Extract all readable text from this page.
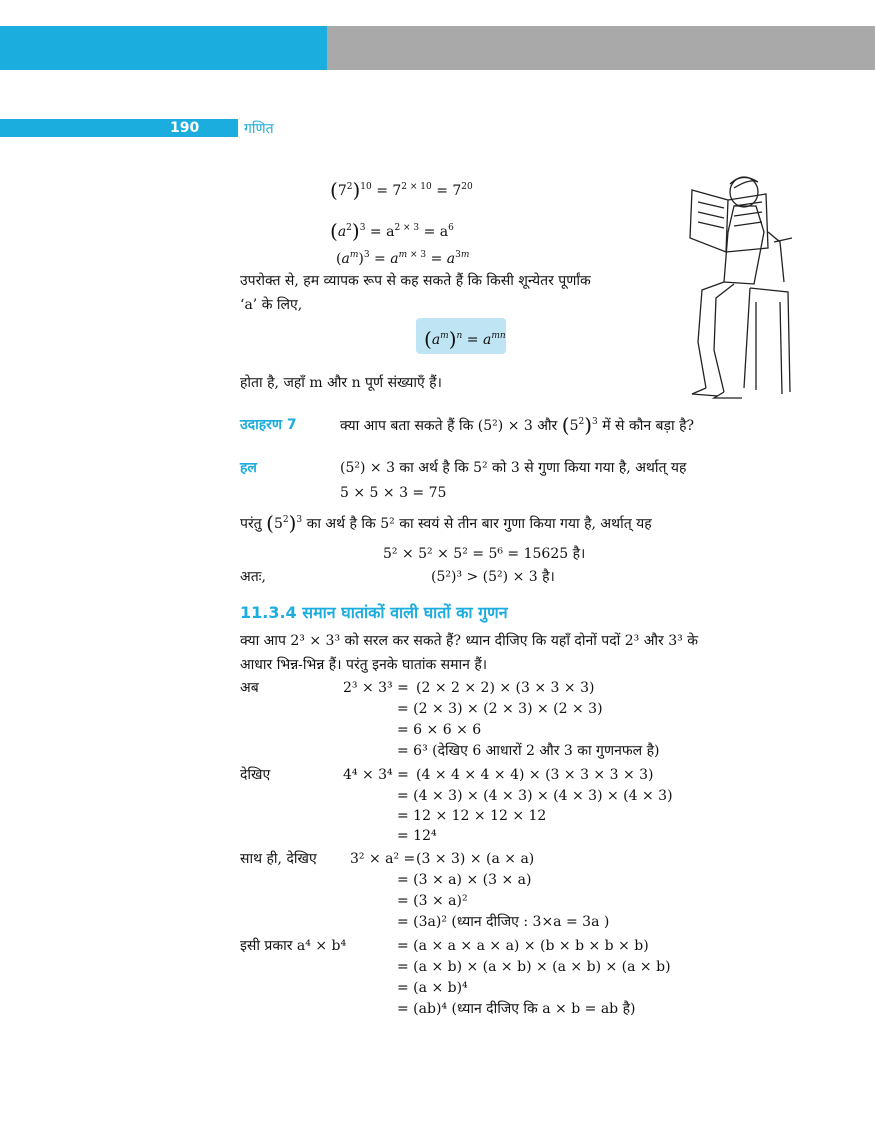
190	गणित
$(7^2)^{10} = 7^{2 \times 10} = 7^{20}$
$(a^2)^3 = a^{2 \times 3} = a^6$
$(a^m)^3 = a^{m \times 3} = a^{3m}$
उपरोक्त से, हम व्यापक रूप से कह सकते हैं कि किसी शून्येतर पूर्णांक
‘a’ के लिए,
$(a^m)^n = a^{mn}$
होता है, जहाँ m और n पूर्ण संख्याएँ हैं।
उदाहरण 7	क्या आप बता सकते हैं कि (5²) × 3 और $(5^2)^3$ में से कौन बड़ा है?
हल	(5²) × 3 का अर्थ है कि 5² को 3 से गुणा किया गया है, अर्थात् यह
5 × 5 × 3 = 75
परंतु $(5^2)^3$ का अर्थ है कि 5² का स्वयं से तीन बार गुणा किया गया है, अर्थात् यह
5² × 5² × 5² = 5⁶ = 15625 है।
अतः,	(5²)³ > (5²) × 3 है।
11.3.4 समान घातांकों वाली घातों का गुणन
क्या आप 2³ × 3³ को सरल कर सकते हैं? ध्यान दीजिए कि यहाँ दोनों पदों 2³ और 3³ के
आधार भिन्न-भिन्न हैं। परंतु इनके घातांक समान हैं।
अब	2³ × 3³ = (2 × 2 × 2) × (3 × 3 × 3)
= (2 × 3) × (2 × 3) × (2 × 3)
= 6 × 6 × 6
= 6³ (देखिए 6 आधारों 2 और 3 का गुणनफल है)
देखिए	4⁴ × 3⁴ = (4 × 4 × 4 × 4) × (3 × 3 × 3 × 3)
= (4 × 3) × (4 × 3) × (4 × 3) × (4 × 3)
= 12 × 12 × 12 × 12
= 12⁴
साथ ही, देखिए 3² × a² = (3 × 3) × (a × a)
= (3 × a) × (3 × a)
= (3 × a)²
= (3a)² (ध्यान दीजिए : 3×a = 3a )
इसी प्रकार a⁴ × b⁴	= (a × a × a × a) × (b × b × b × b)
= (a × b) × (a × b) × (a × b) × (a × b)
= (a × b)⁴
= (ab)⁴ (ध्यान दीजिए कि a × b = ab है)
